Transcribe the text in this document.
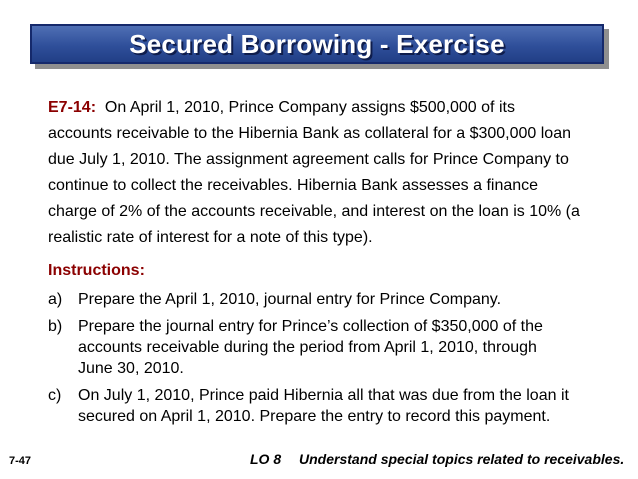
Secured Borrowing - Exercise
E7-14: On April 1, 2010, Prince Company assigns $500,000 of its
accounts receivable to the Hibernia Bank as collateral for a $300,000 loan
due July 1, 2010. The assignment agreement calls for Prince Company to
continue to collect the receivables. Hibernia Bank assesses a finance
charge of 2% of the accounts receivable, and interest on the loan is 10% (a
realistic rate of interest for a note of this type).
Instructions:
a) Prepare the April 1, 2010, journal entry for Prince Company.
b) Prepare the journal entry for Prince’s collection of $350,000 of the
accounts receivable during the period from April 1, 2010, through
June 30, 2010.
c)	On July 1, 2010, Prince paid Hibernia all that was due from the loan it
secured on April 1, 2010. Prepare the entry to record this payment.
7-47	LO 8 Understand special topics related to receivables.
